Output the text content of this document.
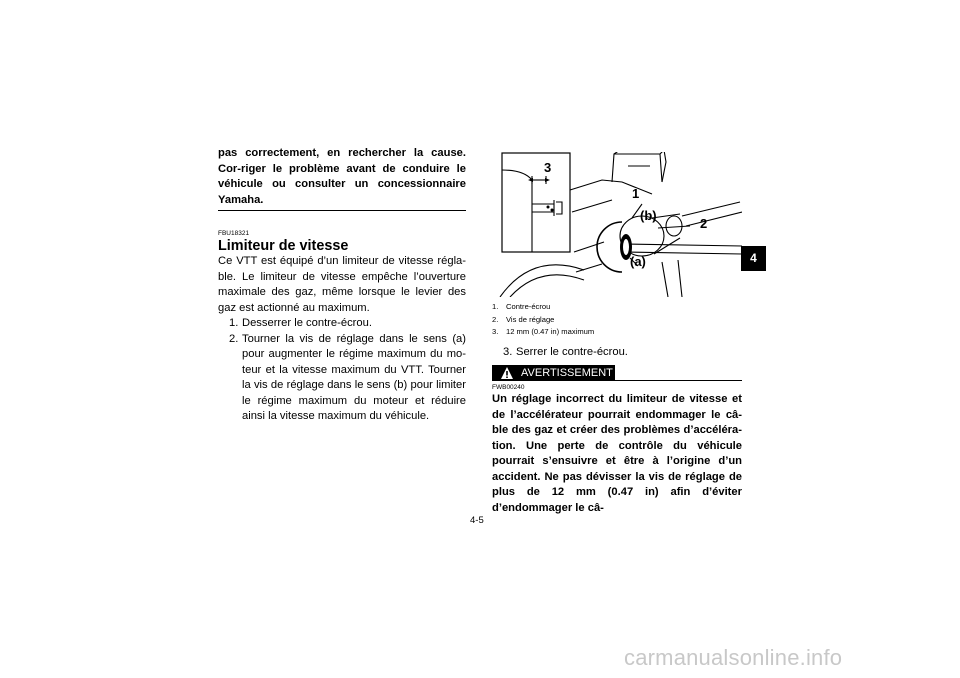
pas correctement, en rechercher la cause. Cor-riger le problème avant de conduire le véhicule ou consulter un concessionnaire Yamaha.

FBU18321
Limiteur de vitesse

Ce VTT est équipé d’un limiteur de vitesse régla-ble. Le limiteur de vitesse empêche l’ouverture maximale des gaz, même lorsque le levier des gaz est actionné au maximum.

1. Desserrer le contre-écrou.
2. Tourner la vis de réglage dans le sens (a) pour augmenter le régime maximum du mo-teur et la vitesse maximum du VTT. Tourner la vis de réglage dans le sens (b) pour limiter le régime maximum du moteur et réduire ainsi la vitesse maximum du véhicule.
3
1
(b)
2
(a)
1. Contre-écrou
2. Vis de réglage
3. 12 mm (0.47 in) maximum
3. Serrer le contre-écrou.
AVERTISSEMENT
FWB00240

Un réglage incorrect du limiteur de vitesse et de l’accélérateur pourrait endommager le câ-ble des gaz et créer des problèmes d’accéléra-tion. Une perte de contrôle du véhicule pourrait s’ensuivre et être à l’origine d’un accident. Ne pas dévisser la vis de réglage de plus de 12 mm (0.47 in) afin d’éviter d’endommager le câ-

4
4-5
carmanualsonline.info
